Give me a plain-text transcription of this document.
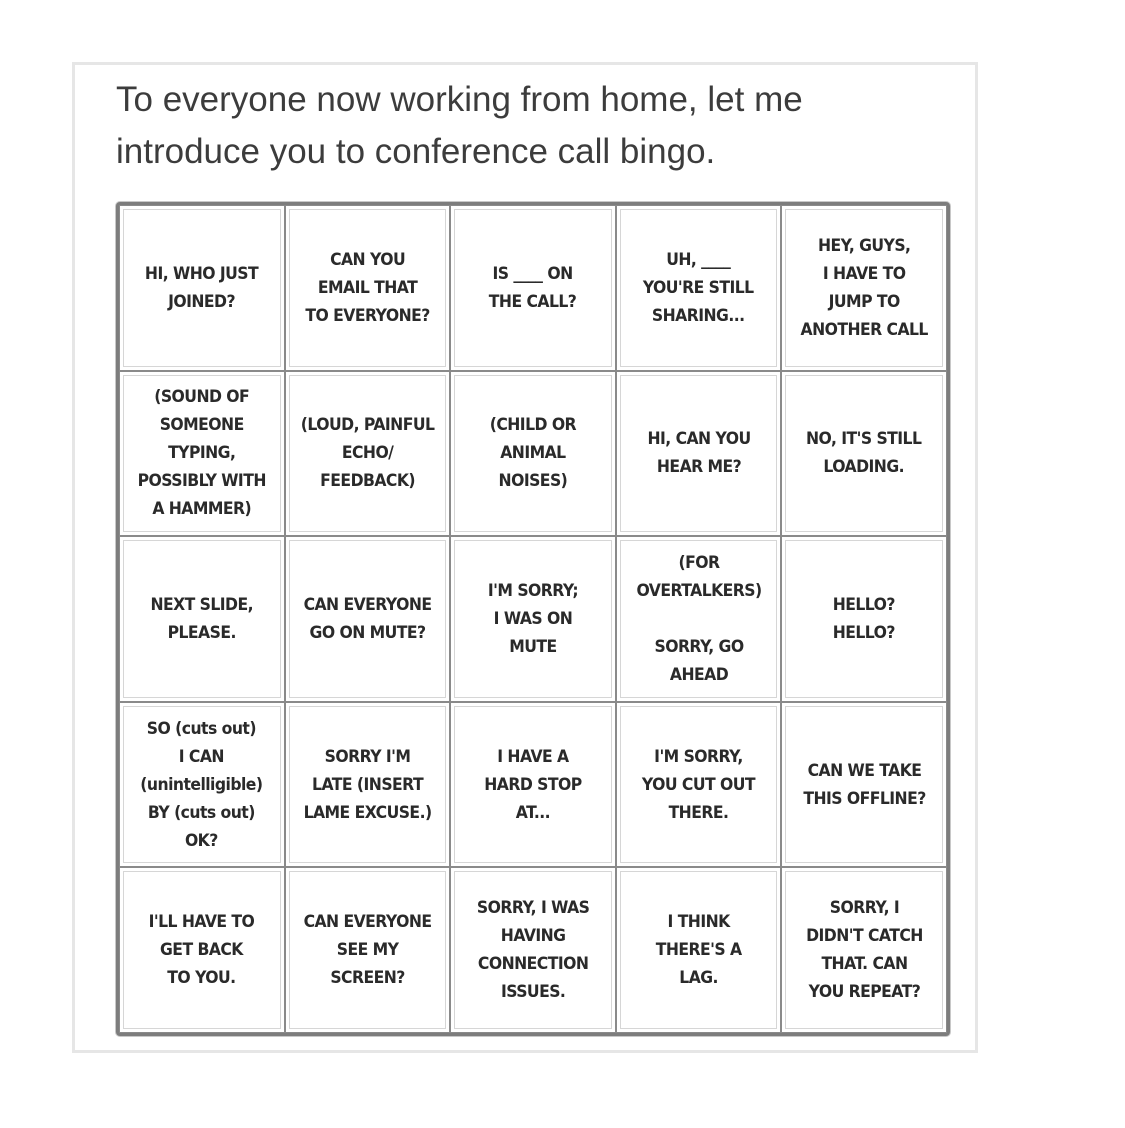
To everyone now working from home, let me introduce you to conference call bingo.

HI, WHO JUST
JOINED?
CAN YOU
EMAIL THAT
TO EVERYONE?
IS ____ ON
THE CALL?
UH, ____
YOU'RE STILL
SHARING...
HEY, GUYS,
I HAVE TO
JUMP TO
ANOTHER CALL
(SOUND OF
SOMEONE
TYPING,
POSSIBLY WITH
A HAMMER)
(LOUD, PAINFUL
ECHO/
FEEDBACK)
(CHILD OR
ANIMAL
NOISES)
HI, CAN YOU
HEAR ME?
NO, IT'S STILL
LOADING.
NEXT SLIDE,
PLEASE.
CAN EVERYONE
GO ON MUTE?
I'M SORRY;
I WAS ON
MUTE
(FOR
OVERTALKERS)

SORRY, GO
AHEAD
HELLO?
HELLO?
SO (cuts out)
I CAN
(unintelligible)
BY (cuts out)
OK?
SORRY I'M
LATE (INSERT
LAME EXCUSE.)
I HAVE A
HARD STOP
AT...
I'M SORRY,
YOU CUT OUT
THERE.
CAN WE TAKE
THIS OFFLINE?
I'LL HAVE TO
GET BACK
TO YOU.
CAN EVERYONE
SEE MY
SCREEN?
SORRY, I WAS
HAVING
CONNECTION
ISSUES.
I THINK
THERE'S A
LAG.
SORRY, I
DIDN'T CATCH
THAT. CAN
YOU REPEAT?
